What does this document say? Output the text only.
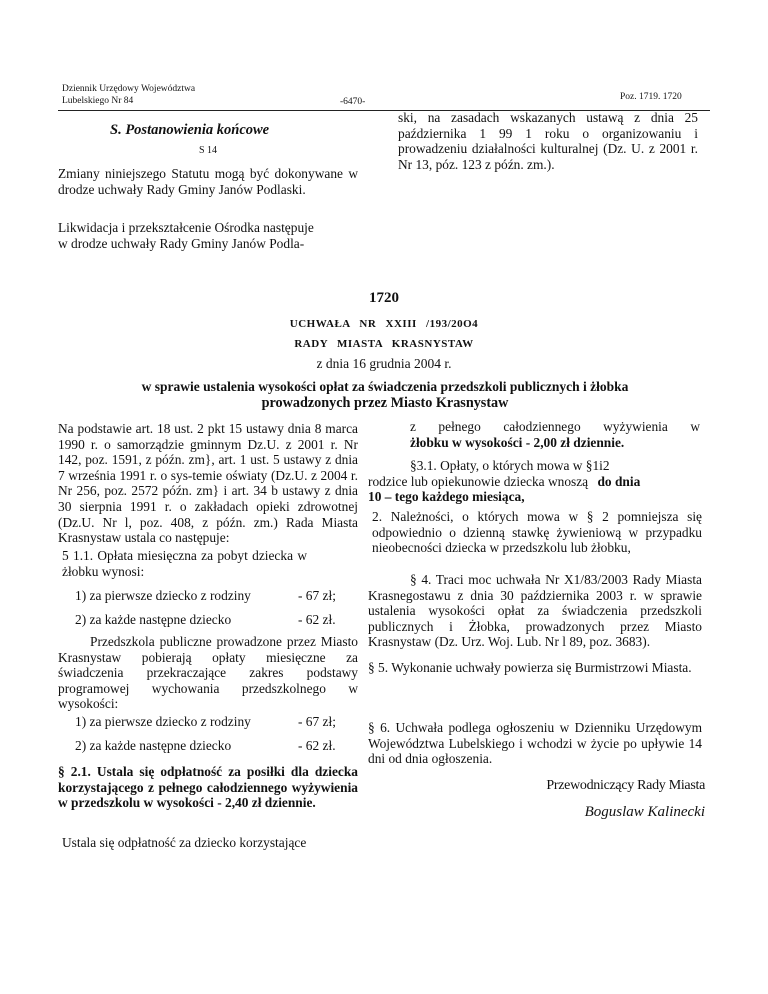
Dziennik Urzędowy Województwa
Lubelskiego Nr 84	-6470-	Poz. 1719. 1720
S. Postanowienia końcowe
S 14
Zmiany niniejszego Statutu mogą być dokonywane w drodze uchwały Rady Gminy Janów Podlaski.
Likwidacja i przekształcenie Ośrodka następuje
w drodze uchwały Rady Gminy Janów Podla-
ski, na zasadach wskazanych ustawą z dnia 25 października 1 99 1 roku o organizowaniu i prowadzeniu działalności kulturalnej (Dz. U. z 2001 r. Nr 13, póz. 123 z późn. zm.).
1720
UCHWAŁA NR XXIII /193/20O4
RADY MIASTA KRASNYSTAW
z dnia 16 grudnia 2004 r.
w sprawie ustalenia wysokości opłat za świadczenia przedszkoli publicznych i żłobka
prowadzonych przez Miasto Krasnystaw
Na podstawie art. 18 ust. 2 pkt 15 ustawy dnia 8 marca 1990 r. o samorządzie gminnym Dz.U. z 2001 r. Nr 142, poz. 1591, z późn. zm}, art. 1 ust. 5 ustawy z dnia 7 września 1991 r. o sys-temie oświaty (Dz.U. z 2004 r. Nr 256, poz. 2572 późn. zm} i art. 34 b ustawy z dnia 30 sierpnia 1991 r. o zakładach opieki zdrowotnej (Dz.U. Nr l, poz. 408, z późn. zm.) Rada Miasta Krasnystaw ustala co następuje:
5 1.1. Opłata miesięczna za pobyt dziecka w żłobku wynosi:
1) za pierwsze dziecko z rodziny	- 67 zł;
2) za każde następne dziecko	- 62 zł.
Przedszkola publiczne prowadzone przez Miasto Krasnystaw pobierają opłaty miesięczne za świadczenia przekraczające zakres podstawy programowej wychowania przedszkolnego w wysokości:
1) za pierwsze dziecko z rodziny	- 67 zł;
2) za każde następne dziecko	- 62 zł.
§ 2.1. Ustala się odpłatność za posiłki dla dziecka korzystającego z pełnego całodziennego wyżywienia w przedszkolu w wysokości - 2,40 zł dziennie.
Ustala się odpłatność za dziecko korzystające
z pełnego całodziennego wyżywienia w
żłobku w wysokości - 2,00 zł dziennie.
§3.1. Opłaty, o których mowa w §1i2
rodzice lub opiekunowie dziecka wnoszą do dnia
10 – tego każdego miesiąca,
2. Należności, o których mowa w § 2 pomniejsza się odpowiednio o dzienną stawkę żywieniową w przypadku nieobecności dziecka w przedszkolu lub żłobku,
§ 4. Traci moc uchwała Nr X1/83/2003 Rady Miasta Krasnegostawu z dnia 30 października 2003 r. w sprawie ustalenia wysokości opłat za świadczenia przedszkoli publicznych i Żłobka, prowadzonych przez Miasto Krasnystaw (Dz. Urz. Woj. Lub. Nr l 89, poz. 3683).
§ 5. Wykonanie uchwały powierza się Burmistrzowi Miasta.
§ 6. Uchwała podlega ogłoszeniu w Dzienniku Urzędowym Województwa Lubelskiego i wchodzi w życie po upływie 14 dni od dnia ogłoszenia.
Przewodniczący Rady Miasta
Boguslaw Kalinecki
